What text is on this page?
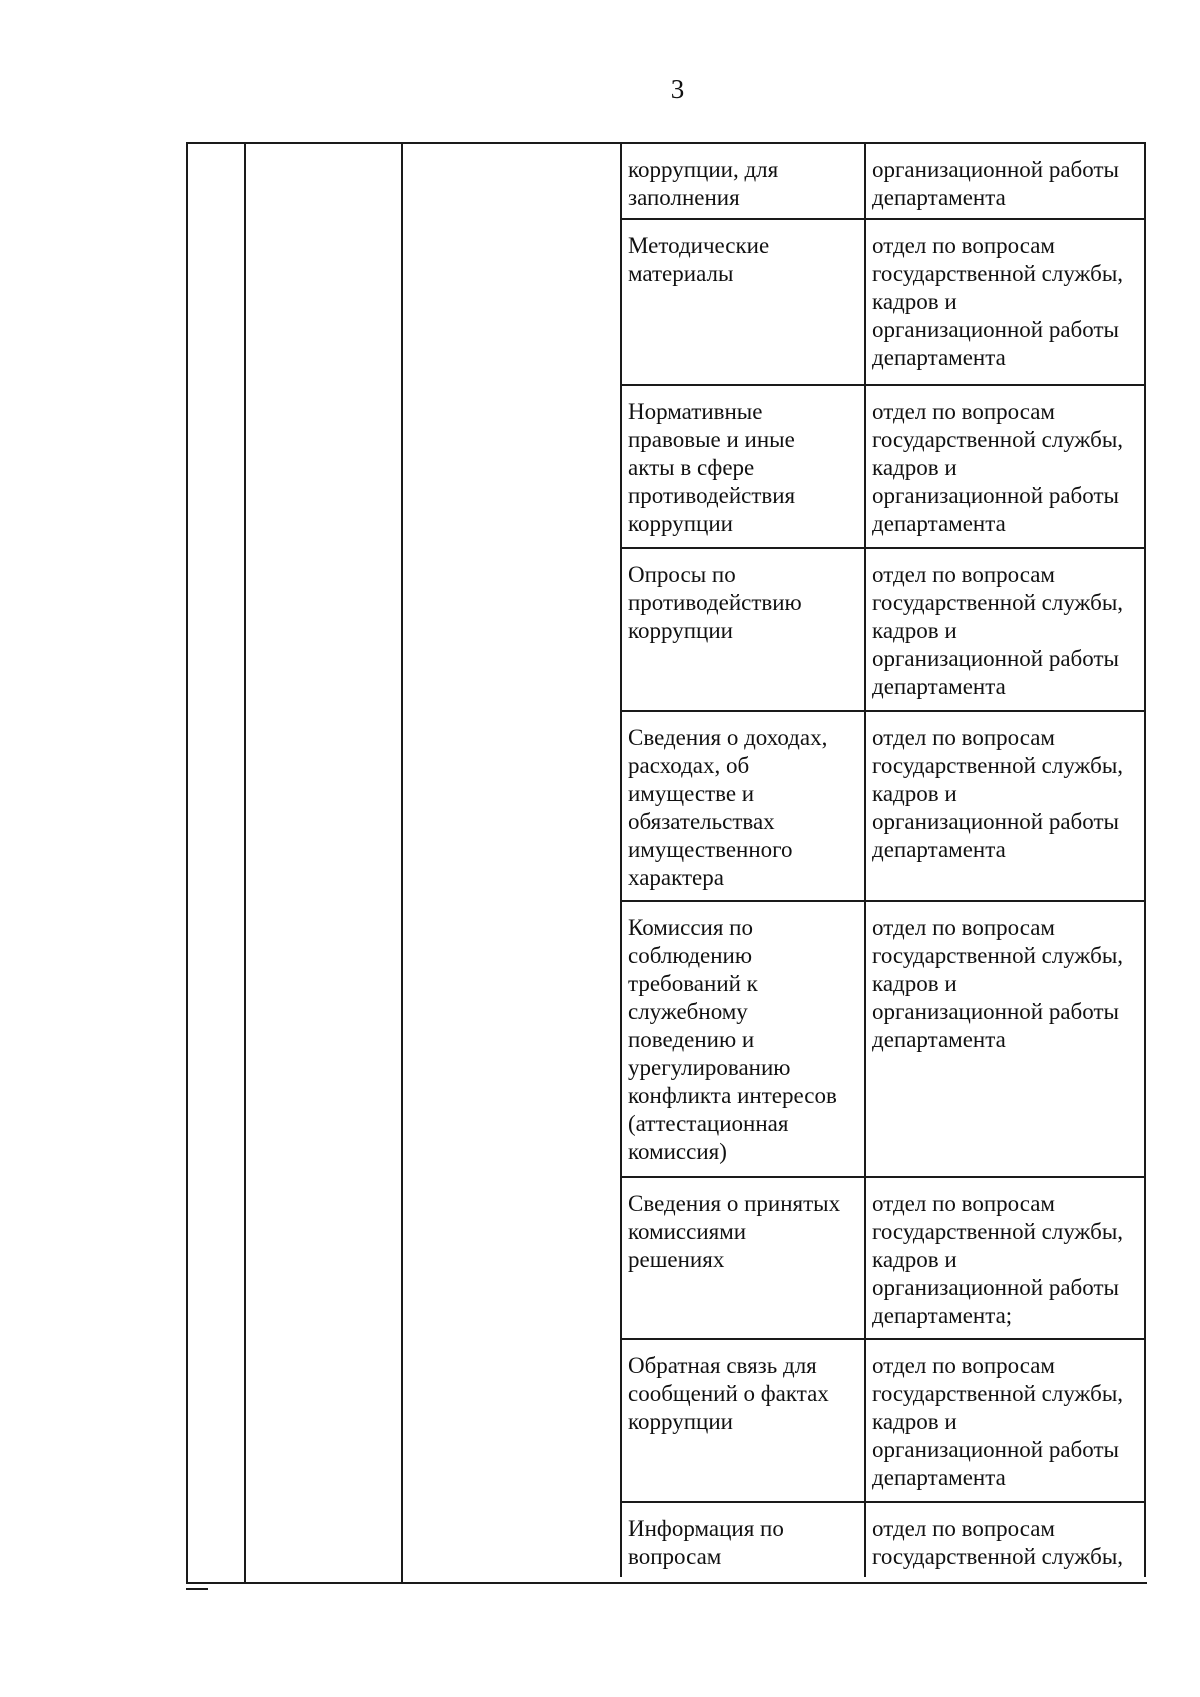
3
коррупции, для
заполнения
организационной работы
департамента
Методические
материалы
отдел по вопросам
государственной службы,
кадров и
организационной работы
департамента
Нормативные
правовые и иные
акты в сфере
противодействия
коррупции
отдел по вопросам
государственной службы,
кадров и
организационной работы
департамента
Опросы по
противодействию
коррупции
отдел по вопросам
государственной службы,
кадров и
организационной работы
департамента
Сведения о доходах,
расходах, об
имуществе и
обязательствах
имущественного
характера
отдел по вопросам
государственной службы,
кадров и
организационной работы
департамента
Комиссия по
соблюдению
требований к
служебному
поведению и
урегулированию
конфликта интересов
(аттестационная
комиссия)
отдел по вопросам
государственной службы,
кадров и
организационной работы
департамента
Сведения о принятых
комиссиями
решениях
отдел по вопросам
государственной службы,
кадров и
организационной работы
департамента;
Обратная связь для
сообщений о фактах
коррупции
отдел по вопросам
государственной службы,
кадров и
организационной работы
департамента
Информация по
вопросам
отдел по вопросам
государственной службы,
